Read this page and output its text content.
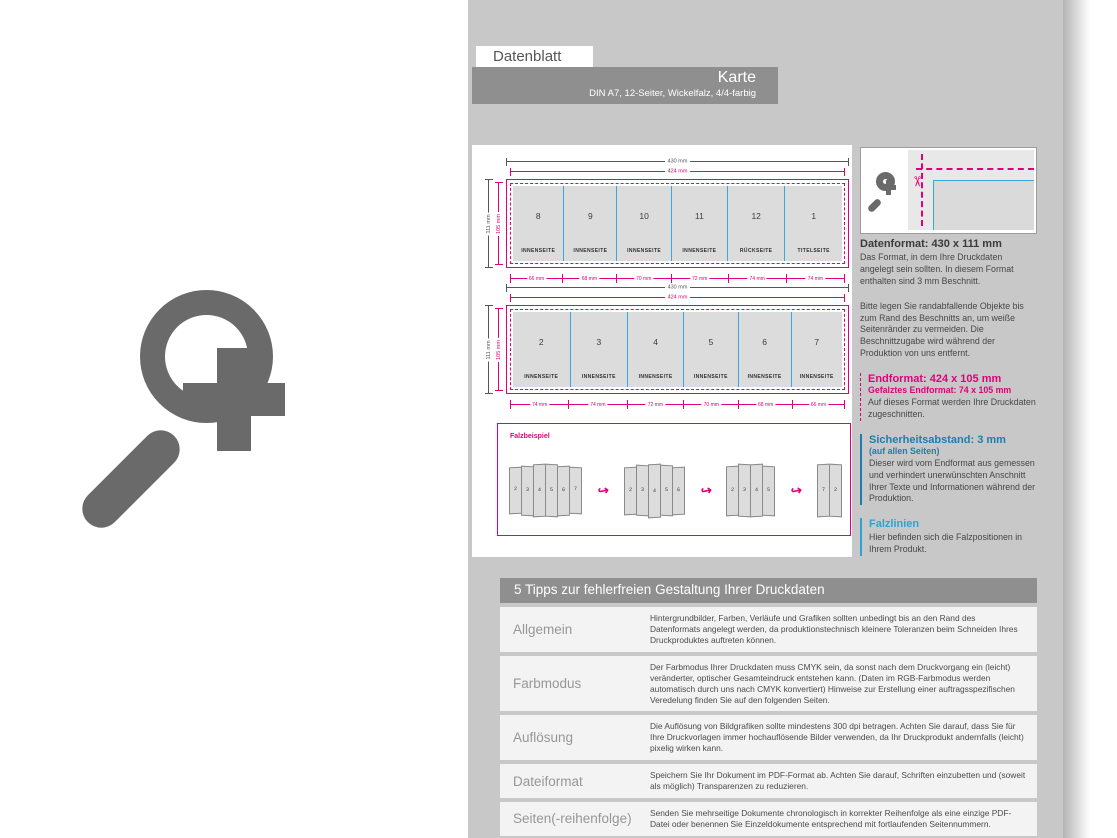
Datenblatt
Karte
DIN A7, 12-Seiter, Wickelfalz, 4/4-farbig
430 mm
424 mm
111 mm 105 mm	8
INNENSEITE
9
INNENSEITE
10
INNENSEITE
11
INNENSEITE
12
RÜCKSEITE
1
TITELSEITE
66 mm	68 mm	70 mm	72 mm	74 mm	74 mm
430 mm
424 mm
111 mm 105 mm	2
INNENSEITE
3
INNENSEITE
4
INNENSEITE
5
INNENSEITE
6
INNENSEITE
7
INNENSEITE
74 mm	74 mm	72 mm	70 mm	68 mm	66 mm
Falzbeispiel
2	3	4	5	6	7	↪	2	3	4	5	6	↪	2	3	4	5	↪	7	2
✂
Datenformat: 430 x 111 mm
Das Format, in dem Ihre Druckdaten angelegt sein sollten. In diesem Format enthalten sind 3 mm Beschnitt.
Bitte legen Sie randabfallende Objekte bis zum Rand des Beschnitts an, um weiße Seitenränder zu vermeiden. Die Beschnittzugabe wird während der Produktion von uns entfernt.
Endformat: 424 x 105 mm
Gefalztes Endformat: 74 x 105 mm
Auf dieses Format werden Ihre Druckdaten zugeschnitten.
Sicherheitsabstand: 3 mm
(auf allen Seiten)
Dieser wird vom Endformat aus gemessen und verhindert unerwünschten Anschnitt Ihrer Texte und Informationen während der Produktion.
Falzlinien
Hier befinden sich die Falzpositionen in Ihrem Produkt.
5 Tipps zur fehlerfreien Gestaltung Ihrer Druckdaten
Allgemein
Hintergrundbilder, Farben, Verläufe und Grafiken sollten unbedingt bis an den Rand des Datenformats angelegt werden, da produktionstechnisch kleinere Toleranzen beim Schneiden Ihres Druckproduktes auftreten können.
Farbmodus
Der Farbmodus Ihrer Druckdaten muss CMYK sein, da sonst nach dem Druckvorgang ein (leicht) veränderter, optischer Gesamteindruck entstehen kann. (Daten im RGB-Farbmodus werden automatisch durch uns nach CMYK konvertiert) Hinweise zur Erstellung einer auftragsspezifischen Veredelung finden Sie auf den folgenden Seiten.
Auflösung
Die Auflösung von Bildgrafiken sollte mindestens 300 dpi betragen. Achten Sie darauf, dass Sie für Ihre Druckvorlagen immer hochauflösende Bilder verwenden, da Ihr Druckprodukt andernfalls (leicht) pixelig wirken kann.
Dateiformat	Speichern Sie Ihr Dokument im PDF-Format ab. Achten Sie darauf, Schriften einzubetten und (soweit als möglich) Transparenzen zu reduzieren.
Seiten(-reihenfolge)	Senden Sie mehrseitige Dokumente chronologisch in korrekter Reihenfolge als eine einzige PDF-Datei oder benennen Sie Einzeldokumente entsprechend mit fortlaufenden Seitennummern.
